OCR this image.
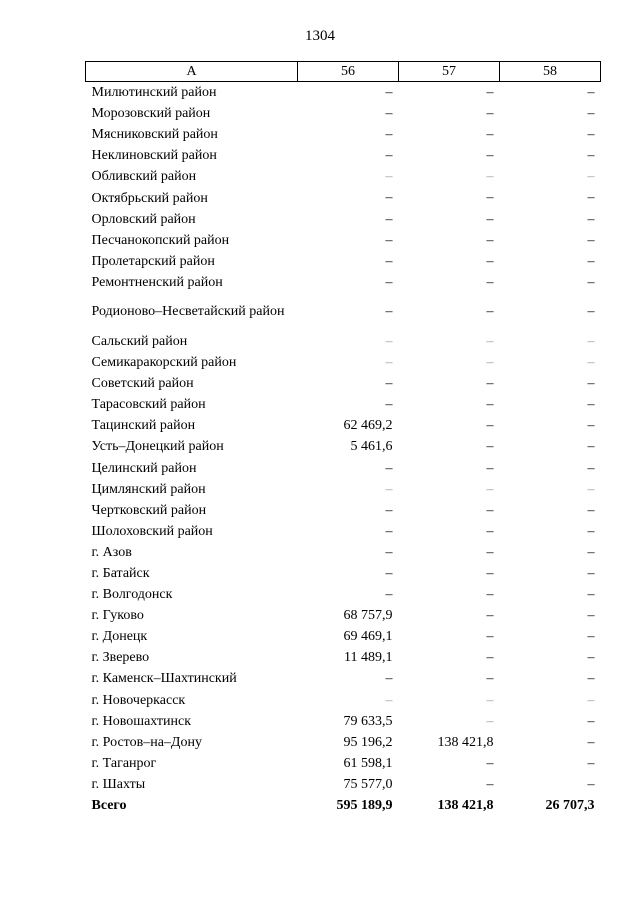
1304
А	56	57	58
Милютинский район	–	–	–
Морозовский район	–	–	–
Мясниковский район	–	–	–
Неклиновский район	–	–	–
Обливский район	–	–	–
Октябрьский район	–	–	–
Орловский район	–	–	–
Песчанокопский район	–	–	–
Пролетарский район	–	–	–
Ремонтненский район	–	–	–
Родионово–Несветайский район	–	–	–
Сальский район	–	–	–
Семикаракорский район	–	–	–
Советский район	–	–	–
Тарасовский район	–	–	–
Тацинский район	62 469,2	–	–
Усть–Донецкий район	5 461,6	–	–
Целинский район	–	–	–
Цимлянский район	–	–	–
Чертковский район	–	–	–
Шолоховский район	–	–	–
г. Азов	–	–	–
г. Батайск	–	–	–
г. Волгодонск	–	–	–
г. Гуково	68 757,9	–	–
г. Донецк	69 469,1	–	–
г. Зверево	11 489,1	–	–
г. Каменск–Шахтинский	–	–	–
г. Новочеркасск	–	–	–
г. Новошахтинск	79 633,5	–	–
г. Ростов–на–Дону	95 196,2	138 421,8	–
г. Таганрог	61 598,1	–	–
г. Шахты	75 577,0	–	–
Всего	595 189,9	138 421,8	26 707,3
